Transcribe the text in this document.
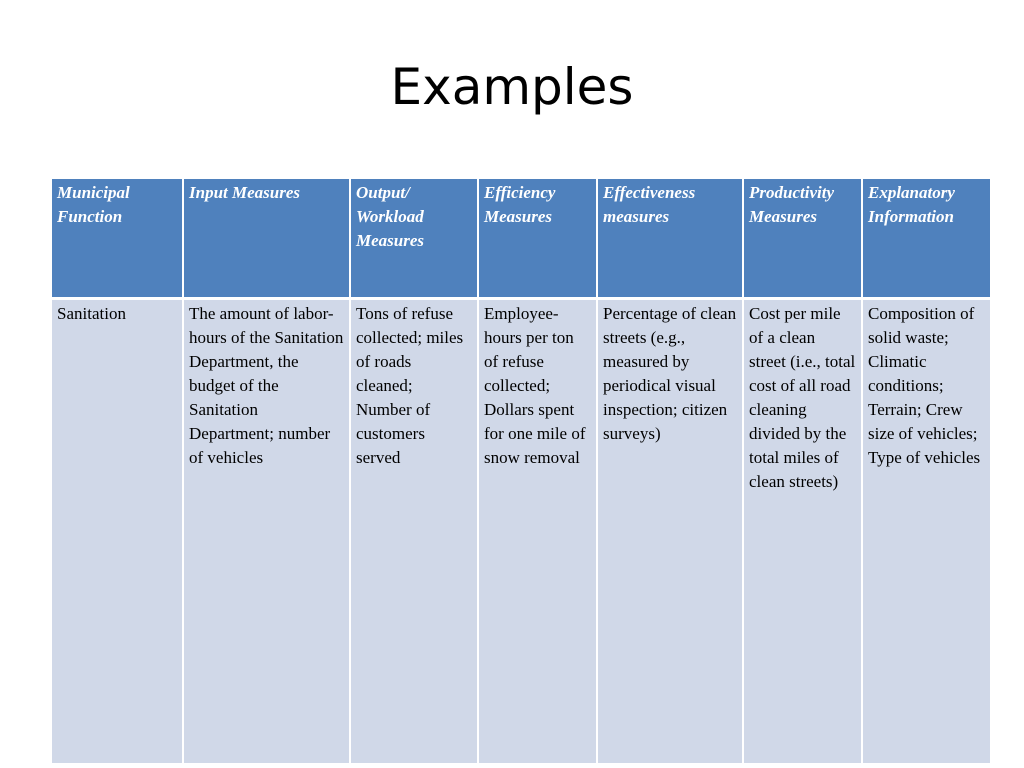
Examples
Municipal Function	Input Measures	Output/ Workload Measures	Efficiency Measures	Effectiveness measures	Productivity Measures	Explanatory Information
Sanitation	The amount of labor-hours of the Sanitation Department, the budget of the Sanitation Department; number of vehicles	Tons of refuse collected; miles of roads cleaned; Number of customers served	Employee-hours per ton of refuse collected; Dollars spent for one mile of snow removal	Percentage of clean streets (e.g., measured by periodical visual inspection; citizen surveys)	Cost per mile of a clean street (i.e., total cost of all road cleaning divided by the total miles of clean streets)	Composition of solid waste; Climatic conditions; Terrain; Crew size of vehicles; Type of vehicles
